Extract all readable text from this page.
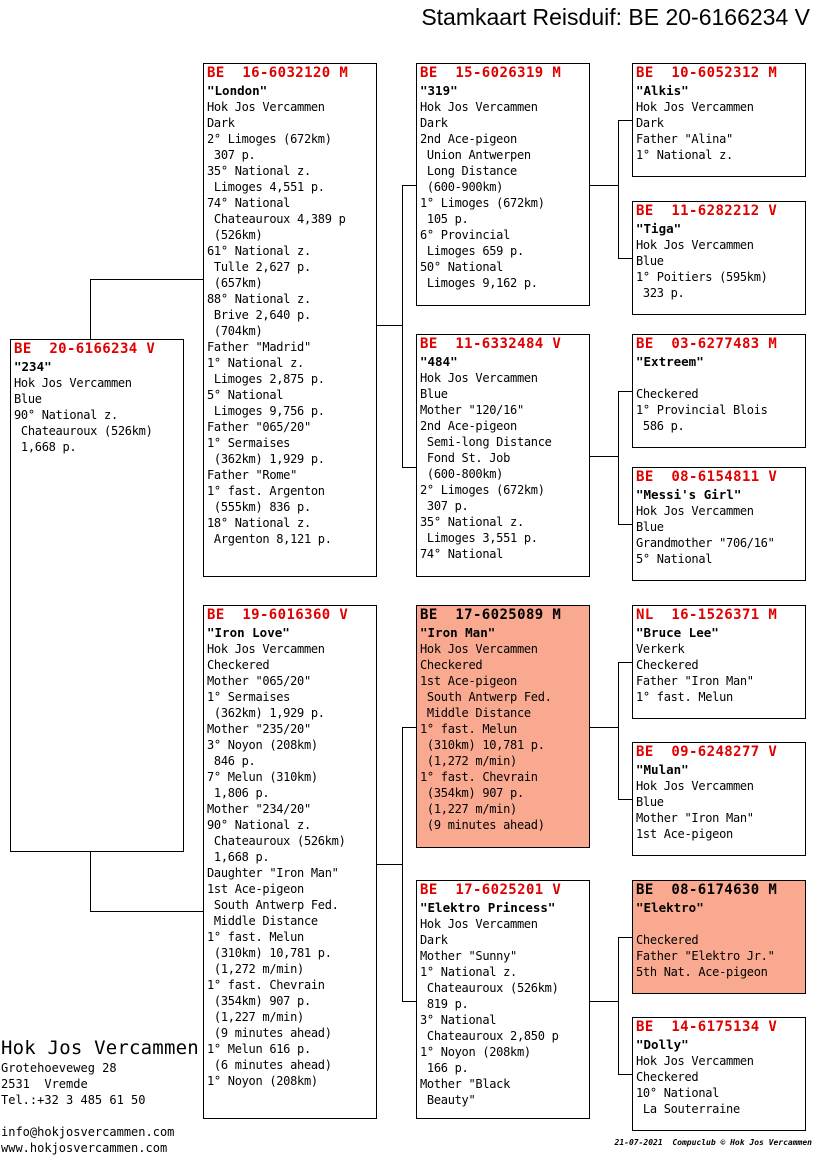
Stamkaart Reisduif: BE 20-6166234 V
BE  20-6166234 V
"234"
Hok Jos Vercammen
Blue
90° National z.
Chateauroux (526km)
1,668 p.
BE  16-6032120 M
"London"
Hok Jos Vercammen
Dark
2° Limoges (672km)
307 p.
35° National z.
Limoges 4,551 p.
74° National
Chateauroux 4,389 p
(526km)
61° National z.
Tulle 2,627 p.
(657km)
88° National z.
Brive 2,640 p.
(704km)
Father "Madrid"
1° National z.
Limoges 2,875 p.
5° National
Limoges 9,756 p.
Father "065/20"
1° Sermaises
(362km) 1,929 p.
Father "Rome"
1° fast. Argenton
(555km) 836 p.
18° National z.
Argenton 8,121 p.
BE  19-6016360 V
"Iron Love"
Hok Jos Vercammen
Checkered
Mother "065/20"
1° Sermaises
(362km) 1,929 p.
Mother "235/20"
3° Noyon (208km)
846 p.
7° Melun (310km)
1,806 p.
Mother "234/20"
90° National z.
Chateauroux (526km)
1,668 p.
Daughter "Iron Man"
1st Ace-pigeon
South Antwerp Fed.
Middle Distance
1° fast. Melun
(310km) 10,781 p.
(1,272 m/min)
1° fast. Chevrain
(354km) 907 p.
(1,227 m/min)
(9 minutes ahead)
1° Melun 616 p.
(6 minutes ahead)
1° Noyon (208km)
BE  15-6026319 M
"319"
Hok Jos Vercammen
Dark
2nd Ace-pigeon
Union Antwerpen
Long Distance
(600-900km)
1° Limoges (672km)
105 p.
6° Provincial
Limoges 659 p.
50° National
Limoges 9,162 p.
BE  11-6332484 V
"484"
Hok Jos Vercammen
Blue
Mother "120/16"
2nd Ace-pigeon
Semi-long Distance
Fond St. Job
(600-800km)
2° Limoges (672km)
307 p.
35° National z.
Limoges 3,551 p.
74° National
BE  17-6025089 M
"Iron Man"
Hok Jos Vercammen
Checkered
1st Ace-pigeon
South Antwerp Fed.
Middle Distance
1° fast. Melun
(310km) 10,781 p.
(1,272 m/min)
1° fast. Chevrain
(354km) 907 p.
(1,227 m/min)
(9 minutes ahead)
BE  17-6025201 V
"Elektro Princess"
Hok Jos Vercammen
Dark
Mother "Sunny"
1° National z.
Chateauroux (526km)
819 p.
3° National
Chateauroux 2,850 p
1° Noyon (208km)
166 p.
Mother "Black
Beauty"
BE  10-6052312 M
"Alkis"
Hok Jos Vercammen
Dark
Father "Alina"
1° National z.
BE  11-6282212 V
"Tiga"
Hok Jos Vercammen
Blue
1° Poitiers (595km)
323 p.
BE  03-6277483 M
"Extreem"

Checkered
1° Provincial Blois
586 p.
BE  08-6154811 V
"Messi's Girl"
Hok Jos Vercammen
Blue
Grandmother "706/16"
5° National
NL  16-1526371 M
"Bruce Lee"
Verkerk
Checkered
Father "Iron Man"
1° fast. Melun
BE  09-6248277 V
"Mulan"
Hok Jos Vercammen
Blue
Mother "Iron Man"
1st Ace-pigeon
BE  08-6174630 M
"Elektro"

Checkered
Father "Elektro Jr."
5th Nat. Ace-pigeon
BE  14-6175134 V
"Dolly"
Hok Jos Vercammen
Checkered
10° National
La Souterraine
Hok Jos Vercammen
Grotehoeveweg 28
2531  Vremde
Tel.:+32 3 485 61 50
info@hokjosvercammen.com
www.hokjosvercammen.com	21-07-2021 Compuclub © Hok Jos Vercammen
